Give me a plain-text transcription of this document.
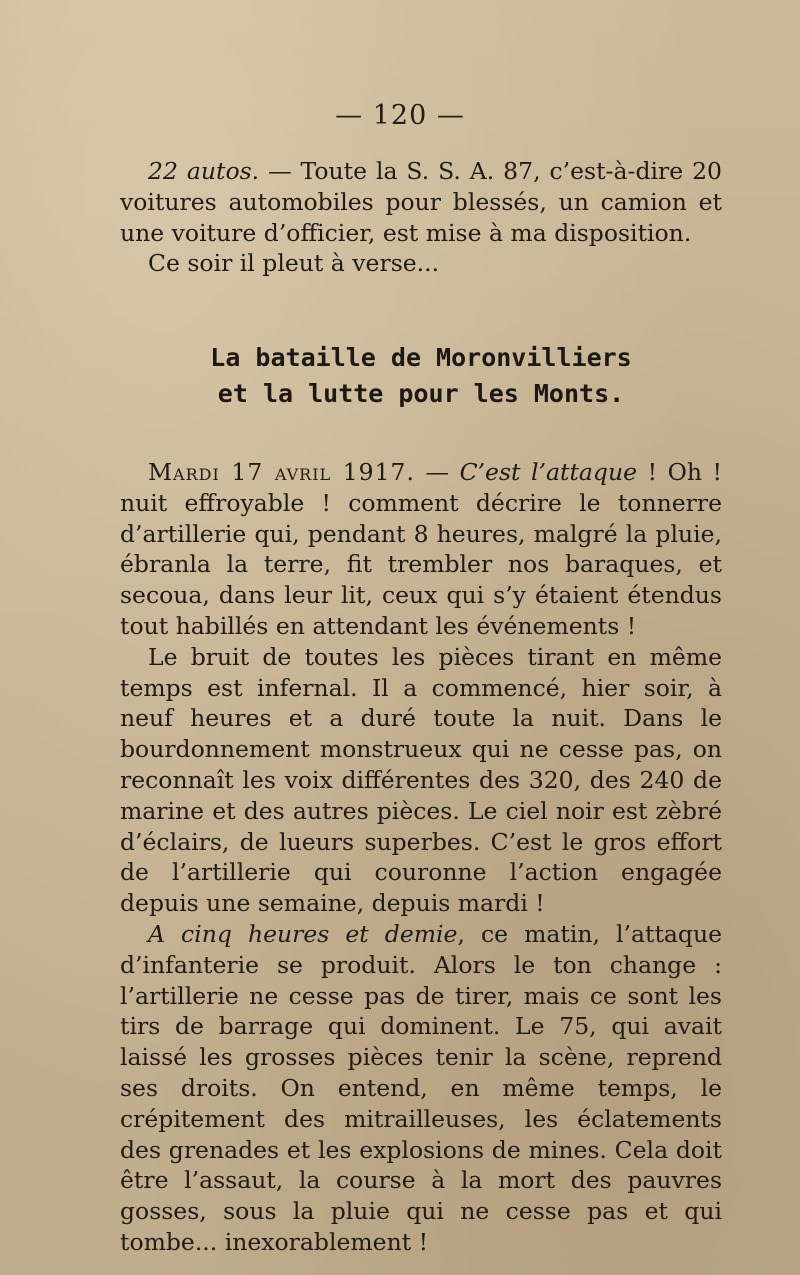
— 120 —

22 autos. — Toute la S. S. A. 87, c’est-à-dire 20 voitures automobiles pour blessés, un camion et une voiture d’officier, est mise à ma disposition.

Ce soir il pleut à verse...

La bataille de Moronvilliers
et la lutte pour les Monts.

Mardi 17 avril 1917. — C’est l’attaque ! Oh ! nuit effroyable ! comment décrire le tonnerre d’artillerie qui, pendant 8 heures, malgré la pluie, ébranla la terre, fit trembler nos baraques, et secoua, dans leur lit, ceux qui s’y étaient étendus tout habillés en attendant les événements !

Le bruit de toutes les pièces tirant en même temps est infernal. Il a commencé, hier soir, à neuf heures et a duré toute la nuit. Dans le bourdonnement monstrueux qui ne cesse pas, on reconnaît les voix différentes des 320, des 240 de marine et des autres pièces. Le ciel noir est zèbré d’éclairs, de lueurs superbes. C’est le gros effort de l’artillerie qui couronne l’action engagée depuis une semaine, depuis mardi !

A cinq heures et demie, ce matin, l’attaque d’infanterie se produit. Alors le ton change : l’artillerie ne cesse pas de tirer, mais ce sont les tirs de barrage qui dominent. Le 75, qui avait laissé les grosses pièces tenir la scène, reprend ses droits. On entend, en même temps, le crépitement des mitrailleuses, les éclatements des grenades et les explosions de mines. Cela doit être l’assaut, la course à la mort des pauvres gosses, sous la pluie qui ne cesse pas et qui tombe... inexorablement !
